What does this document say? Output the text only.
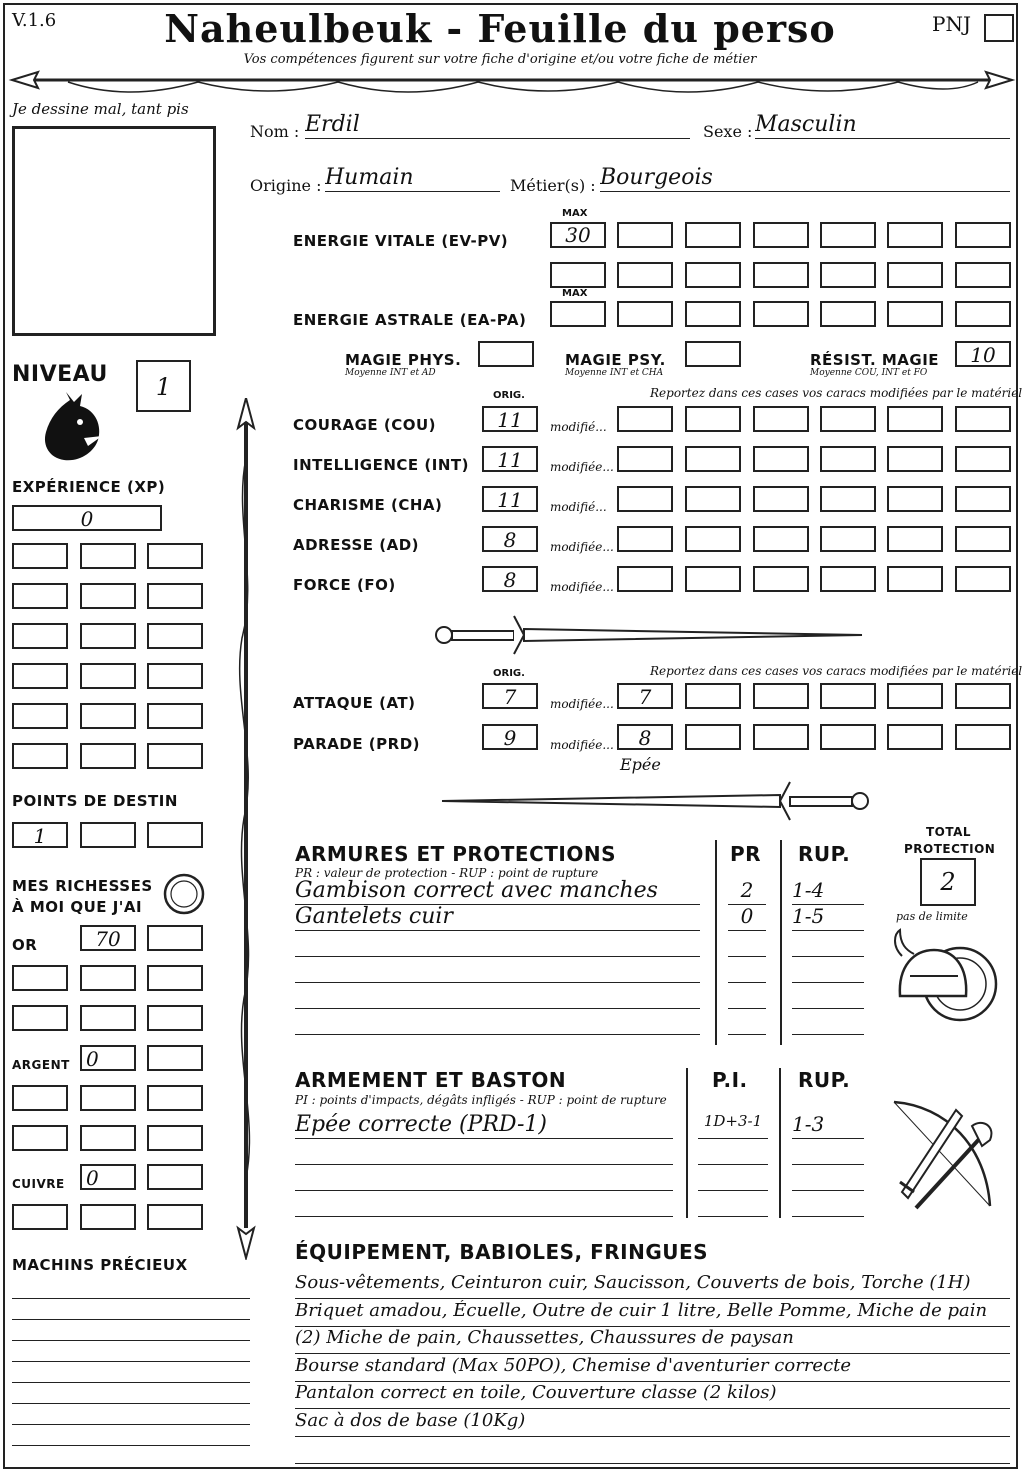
V.1.6	Naheulbeuk - Feuille du perso
Vos compétences figurent sur votre fiche d'origine et/ou votre fiche de métier
PNJ
Je dessine mal, tant pis
Nom : Erdil	Sexe : Masculin
Origine : Humain	Métier(s) : Bourgeois
MAX
ENERGIE VITALE (EV-PV)	30
MAX
ENERGIE ASTRALE (EA-PA)
MAGIE PHYS.
Moyenne INT et AD
MAGIE PSY.
Moyenne INT et CHA
RÉSIST. MAGIE
Moyenne COU, INT et FO
10
NIVEAU	1
EXPÉRIENCE (XP)
0
POINTS DE DESTIN
1
MES RICHESSES
À MOI QUE J'AI
OR	70
ARGENT 0
CUIVRE	0
MACHINS PRÉCIEUX
ORIG.	Reportez dans ces cases vos caracs modifiées par le matériel
COURAGE (COU)	11	modifié...
INTELLIGENCE (INT)	11	modifiée...
CHARISME (CHA)	11	modifié...
ADRESSE (AD)	8	modifiée...
FORCE (FO)	8	modifiée...
ORIG.	Reportez dans ces cases vos caracs modifiées par le matériel
ATTAQUE (AT)	7	modifiée...	7
PARADE (PRD)	9	modifiée...	8
Epée
ARMURES ET PROTECTIONS
PR : valeur de protection - RUP : point de rupture
PR RUP.
Gambison correct avec manches	2	1-4
Gantelets cuir	0	1-5
TOTAL
PROTECTION
2
pas de limite
ARMEMENT ET BASTON
PI : points d'impacts, dégâts infligés - RUP : point de rupture
P.I.	RUP.
Epée correcte (PRD-1)	1D+3-1 1-3
ÉQUIPEMENT, BABIOLES, FRINGUES
Sous-vêtements, Ceinturon cuir, Saucisson, Couverts de bois, Torche (1H)
Briquet amadou, Écuelle, Outre de cuir 1 litre, Belle Pomme, Miche de pain
(2) Miche de pain, Chaussettes, Chaussures de paysan
Bourse standard (Max 50PO), Chemise d'aventurier correcte
Pantalon correct en toile, Couverture classe (2 kilos)
Sac à dos de base (10Kg)
